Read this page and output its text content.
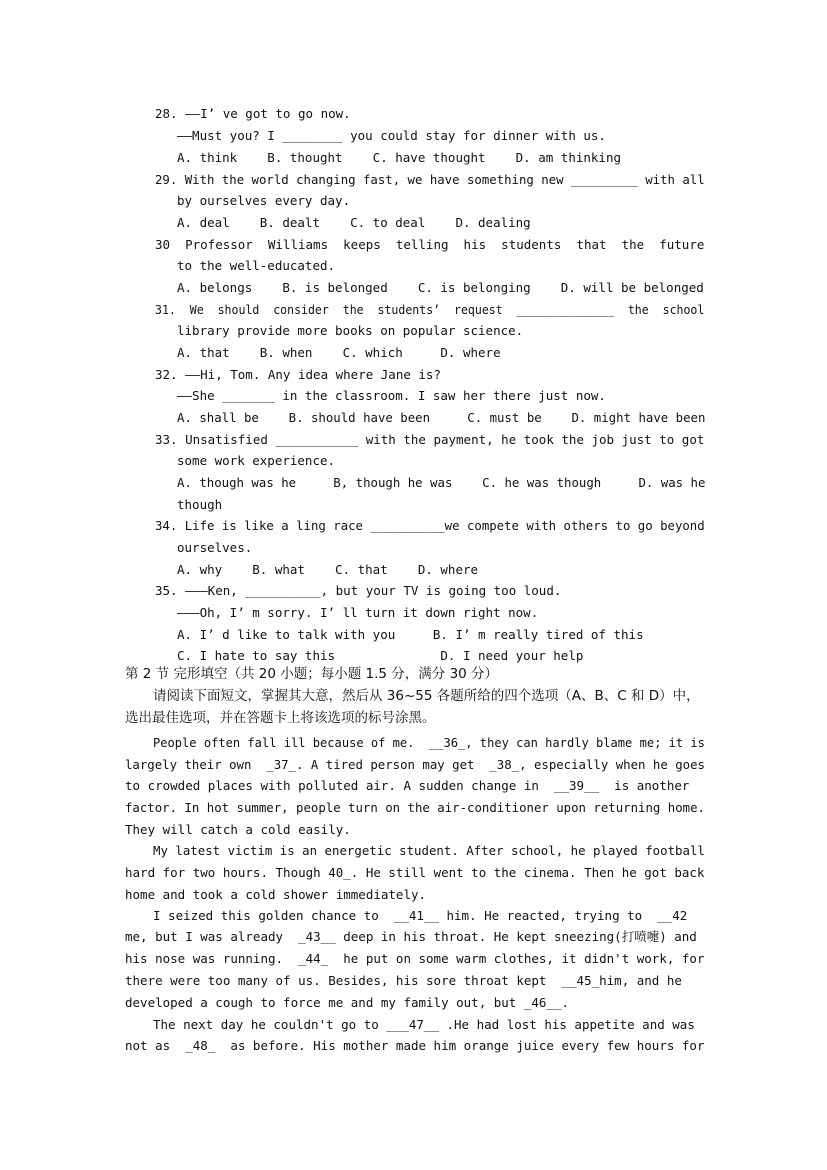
28. ——I’ ve got to go now.
——Must you? I ________ you could stay for dinner with us.
A. think    B. thought    C. have thought    D. am thinking
29. With the world changing fast, we have something new _________ with all
by ourselves every day.
A. deal    B. dealt    C. to deal    D. dealing
30  Professor  Williams  keeps  telling  his  students  that  the  future
to the well-educated.
A. belongs    B. is belonged    C. is belonging    D. will be belonged
31.  We  should  consider  the  students’  request  ______________  the  school
library provide more books on popular science.
A. that    B. when    C. which     D. where
32. ——Hi, Tom. Any idea where Jane is?
——She _______ in the classroom. I saw her there just now.
A. shall be    B. should have been     C. must be    D. might have been
33. Unsatisfied ___________ with the payment, he took the job just to got
some work experience.
A. though was he     B, though he was    C. he was though     D. was he
though
34. Life is like a ling race __________we compete with others to go beyond
ourselves.
A. why    B. what    C. that    D. where
35. ———Ken, __________, but your TV is going too loud.
———Oh, I’ m sorry. I’ ll turn it down right now.
A. I’ d like to talk with you     B. I’ m really tired of this
C. I hate to say this              D. I need your help
第 2 节 完形填空（共 20 小题；每小题 1.5 分，满分 30 分）
请阅读下面短文，掌握其大意，然后从 36~55 各题所给的四个选项（A、B、C 和 D）中，
选出最佳选项，并在答题卡上将该选项的标号涂黑。
People often fall ill because of me.  __36_, they can hardly blame me; it is
largely their own  _37_. A tired person may get  _38_, especially when he goes
to crowded places with polluted air. A sudden change in  __39__  is another
factor. In hot summer, people turn on the air-conditioner upon returning home.
They will catch a cold easily.
My latest victim is an energetic student. After school, he played football
hard for two hours. Though 40_. He still went to the cinema. Then he got back
home and took a cold shower immediately.
I seized this golden chance to  __41__ him. He reacted, trying to  __42
me, but I was already  _43__ deep in his throat. He kept sneezing(打喷嚏) and
his nose was running.  _44_  he put on some warm clothes, it didn't work, for
there were too many of us. Besides, his sore throat kept  __45_him, and he
developed a cough to force me and my family out, but _46__.
The next day he couldn't go to ___47__ .He had lost his appetite and was
not as  _48_  as before. His mother made him orange juice every few hours for
